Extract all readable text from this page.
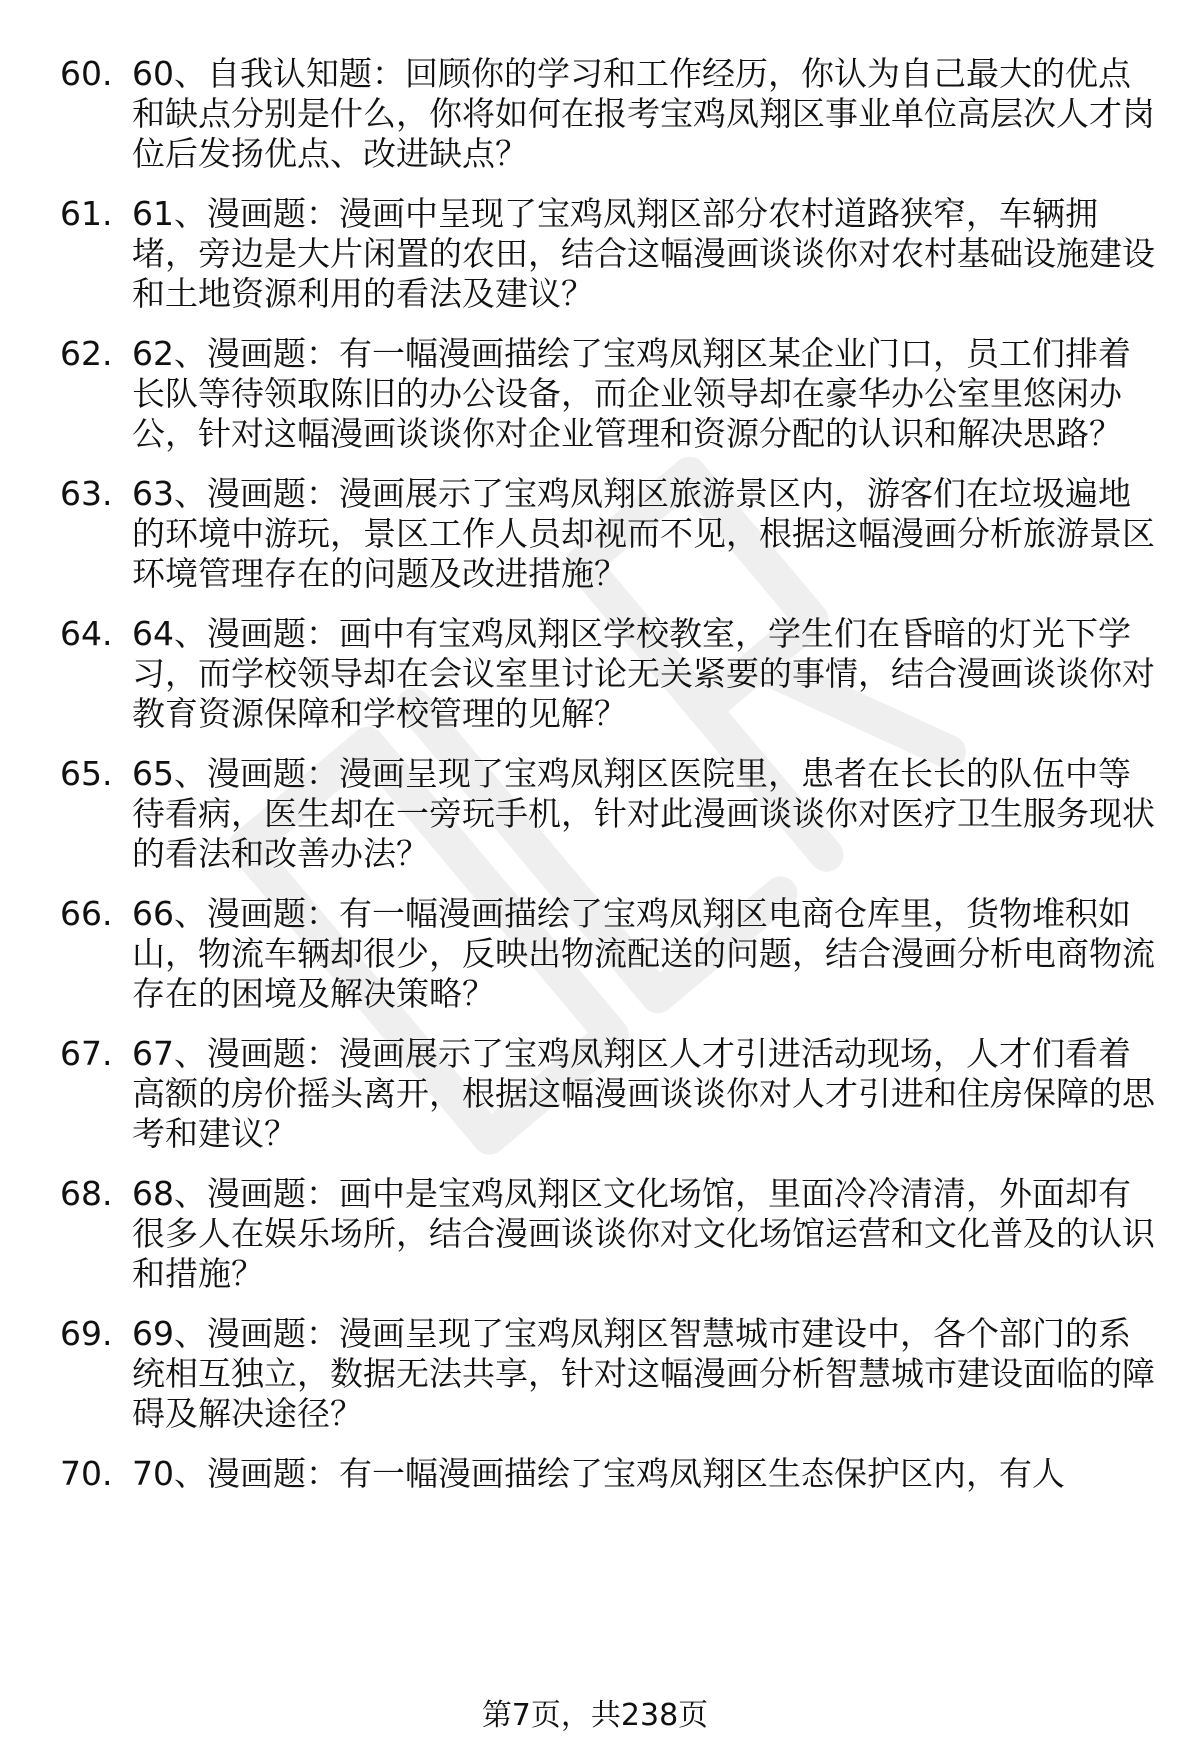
60. 60、自我认知题：回顾你的学习和工作经历，你认为自己最大的优点和缺点分别是什么，你将如何在报考宝鸡凤翔区事业单位高层次人才岗位后发扬优点、改进缺点？
61. 61、漫画题：漫画中呈现了宝鸡凤翔区部分农村道路狭窄，车辆拥堵，旁边是大片闲置的农田，结合这幅漫画谈谈你对农村基础设施建设和土地资源利用的看法及建议？
62. 62、漫画题：有一幅漫画描绘了宝鸡凤翔区某企业门口，员工们排着长队等待领取陈旧的办公设备，而企业领导却在豪华办公室里悠闲办公，针对这幅漫画谈谈你对企业管理和资源分配的认识和解决思路？
63. 63、漫画题：漫画展示了宝鸡凤翔区旅游景区内，游客们在垃圾遍地的环境中游玩，景区工作人员却视而不见，根据这幅漫画分析旅游景区环境管理存在的问题及改进措施？
64. 64、漫画题：画中有宝鸡凤翔区学校教室，学生们在昏暗的灯光下学习，而学校领导却在会议室里讨论无关紧要的事情，结合漫画谈谈你对教育资源保障和学校管理的见解？
65. 65、漫画题：漫画呈现了宝鸡凤翔区医院里，患者在长长的队伍中等待看病，医生却在一旁玩手机，针对此漫画谈谈你对医疗卫生服务现状的看法和改善办法？
66. 66、漫画题：有一幅漫画描绘了宝鸡凤翔区电商仓库里，货物堆积如山，物流车辆却很少，反映出物流配送的问题，结合漫画分析电商物流存在的困境及解决策略？
67. 67、漫画题：漫画展示了宝鸡凤翔区人才引进活动现场，人才们看着高额的房价摇头离开，根据这幅漫画谈谈你对人才引进和住房保障的思考和建议？
68. 68、漫画题：画中是宝鸡凤翔区文化场馆，里面冷冷清清，外面却有很多人在娱乐场所，结合漫画谈谈你对文化场馆运营和文化普及的认识和措施？
69. 69、漫画题：漫画呈现了宝鸡凤翔区智慧城市建设中，各个部门的系统相互独立，数据无法共享，针对这幅漫画分析智慧城市建设面临的障碍及解决途径？
70. 70、漫画题：有一幅漫画描绘了宝鸡凤翔区生态保护区内，有人
第7页，共238页
